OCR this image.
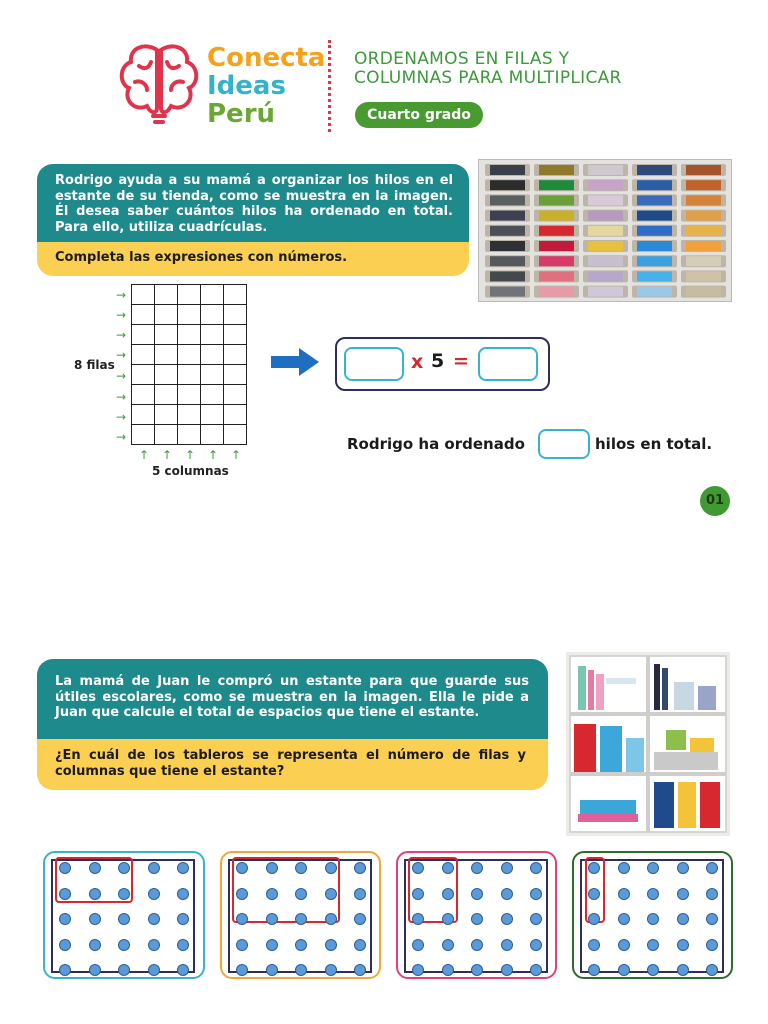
Conecta
Ideas
Perú
ORDENAMOS EN FILAS Y
COLUMNAS PARA MULTIPLICAR
Cuarto grado
Rodrigo ayuda a su mamá a organizar los hilos en el estante de su tienda, como se muestra en la imagen. Él desea saber cuántos hilos ha ordenado en total. Para ello, utiliza cuadrículas.
Completa las expresiones con números.

→
→
→
→
→
→
→
→
8 filas
↑ ↑ ↑ ↑ ↑
5 columnas
x 5 =
Rodrigo ha ordenado	hilos en total.
01
La mamá de Juan le compró un estante para que guarde sus útiles escolares, como se muestra en la imagen. Ella le pide a Juan que calcule el total de espacios que tiene el estante.
¿En cuál de los tableros se representa el número de filas y columnas que tiene el estante?
